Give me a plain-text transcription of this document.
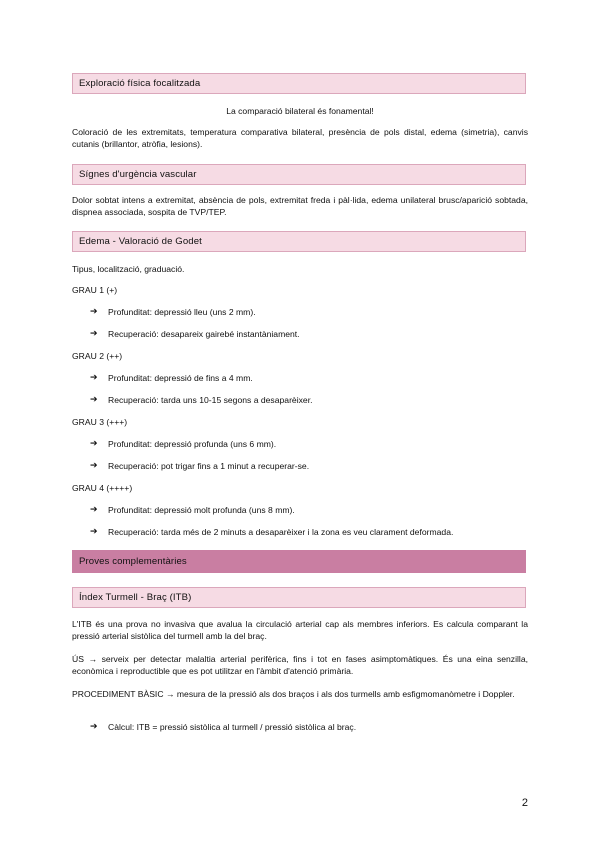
Exploració física focalitzada
La comparació bilateral és fonamental!
Coloració de les extremitats, temperatura comparativa bilateral, presència de pols distal, edema (simetria), canvis cutanis (brillantor, atròfia, lesions).
Sígnes d'urgència vascular
Dolor sobtat intens a extremitat, absència de pols, extremitat freda i pàl·lida, edema unilateral brusc/aparició sobtada, dispnea associada, sospita de TVP/TEP.
Edema - Valoració de Godet
Tipus, localització, graduació.
GRAU 1 (+)
➔	Profunditat: depressió lleu (uns 2 mm).
➔	Recuperació: desapareix gairebé instantàniament.
GRAU 2 (++)
➔	Profunditat: depressió de fins a 4 mm.
➔	Recuperació: tarda uns 10-15 segons a desaparèixer.
GRAU 3 (+++)
➔	Profunditat: depressió profunda (uns 6 mm).
➔	Recuperació: pot trigar fins a 1 minut a recuperar-se.
GRAU 4 (++++)
➔	Profunditat: depressió molt profunda (uns 8 mm).
➔	Recuperació: tarda més de 2 minuts a desaparèixer i la zona es veu clarament deformada.
Proves complementàries
Índex Turmell - Braç (ITB)
L'ITB és una prova no invasiva que avalua la circulació arterial cap als membres inferiors. Es calcula comparant la pressió arterial sistòlica del turmell amb la del braç.
ÚS → serveix per detectar malaltia arterial perifèrica, fins i tot en fases asimptomàtiques. És una eina senzilla, econòmica i reproductible que es pot utilitzar en l'àmbit d'atenció primària.
PROCEDIMENT BÀSIC → mesura de la pressió als dos braços i als dos turmells amb esfigmomanòmetre i Doppler.
➔	Càlcul: ITB = pressió sistòlica al turmell / pressió sistòlica al braç.
2
